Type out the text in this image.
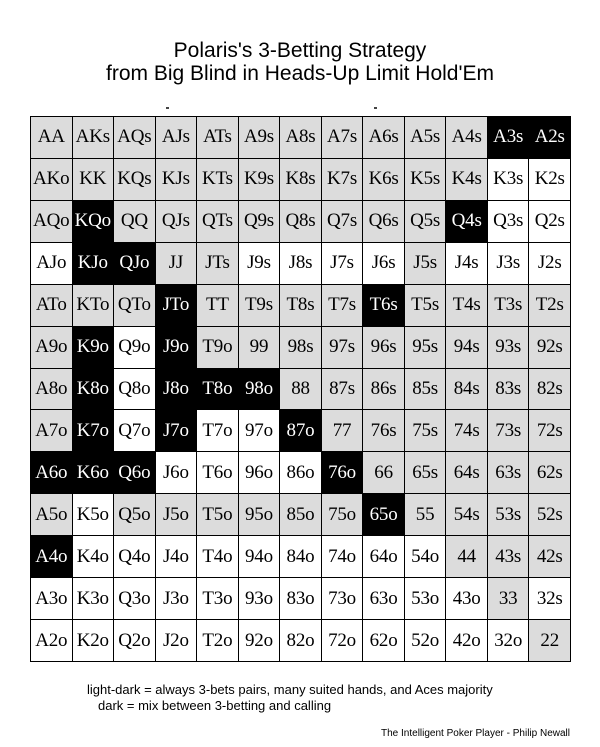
Polaris's 3-Betting Strategy
from Big Blind in Heads-Up Limit Hold'Em
AA AKs AQs AJs ATs A9s A8s A7s A6s A5s A4s A3s A2s
AKo KK KQs KJs KTs K9s K8s K7s K6s K5s K4s K3s K2s
AQo KQo QQ QJs QTs Q9s Q8s Q7s Q6s Q5s Q4s Q3s Q2s
AJo KJo QJo	JJ	JTs J9s J8s J7s J6s J5s J4s J3s J2s
ATo KTo QTo JTo TT T9s T8s T7s T6s T5s T4s T3s T2s
A9o K9o Q9o J9o T9o 99	98s 97s 96s 95s 94s 93s 92s
A8o K8o Q8o J8o T8o 98o 88	87s 86s 85s 84s 83s 82s
A7o K7o Q7o J7o T7o 97o 87o 77	76s 75s 74s 73s 72s
A6o K6o Q6o J6o T6o 96o 86o 76o 66	65s 64s 63s 62s
A5o K5o Q5o J5o T5o 95o 85o 75o 65o 55	54s 53s 52s
A4o K4o Q4o J4o T4o 94o 84o 74o 64o 54o 44	43s 42s
A3o K3o Q3o J3o T3o 93o 83o 73o 63o 53o 43o 33	32s
A2o K2o Q2o J2o T2o 92o 82o 72o 62o 52o 42o 32o 22
light-dark = always 3-bets pairs, many suited hands, and Aces majority
dark = mix between 3-betting and calling
The Intelligent Poker Player - Philip Newall
